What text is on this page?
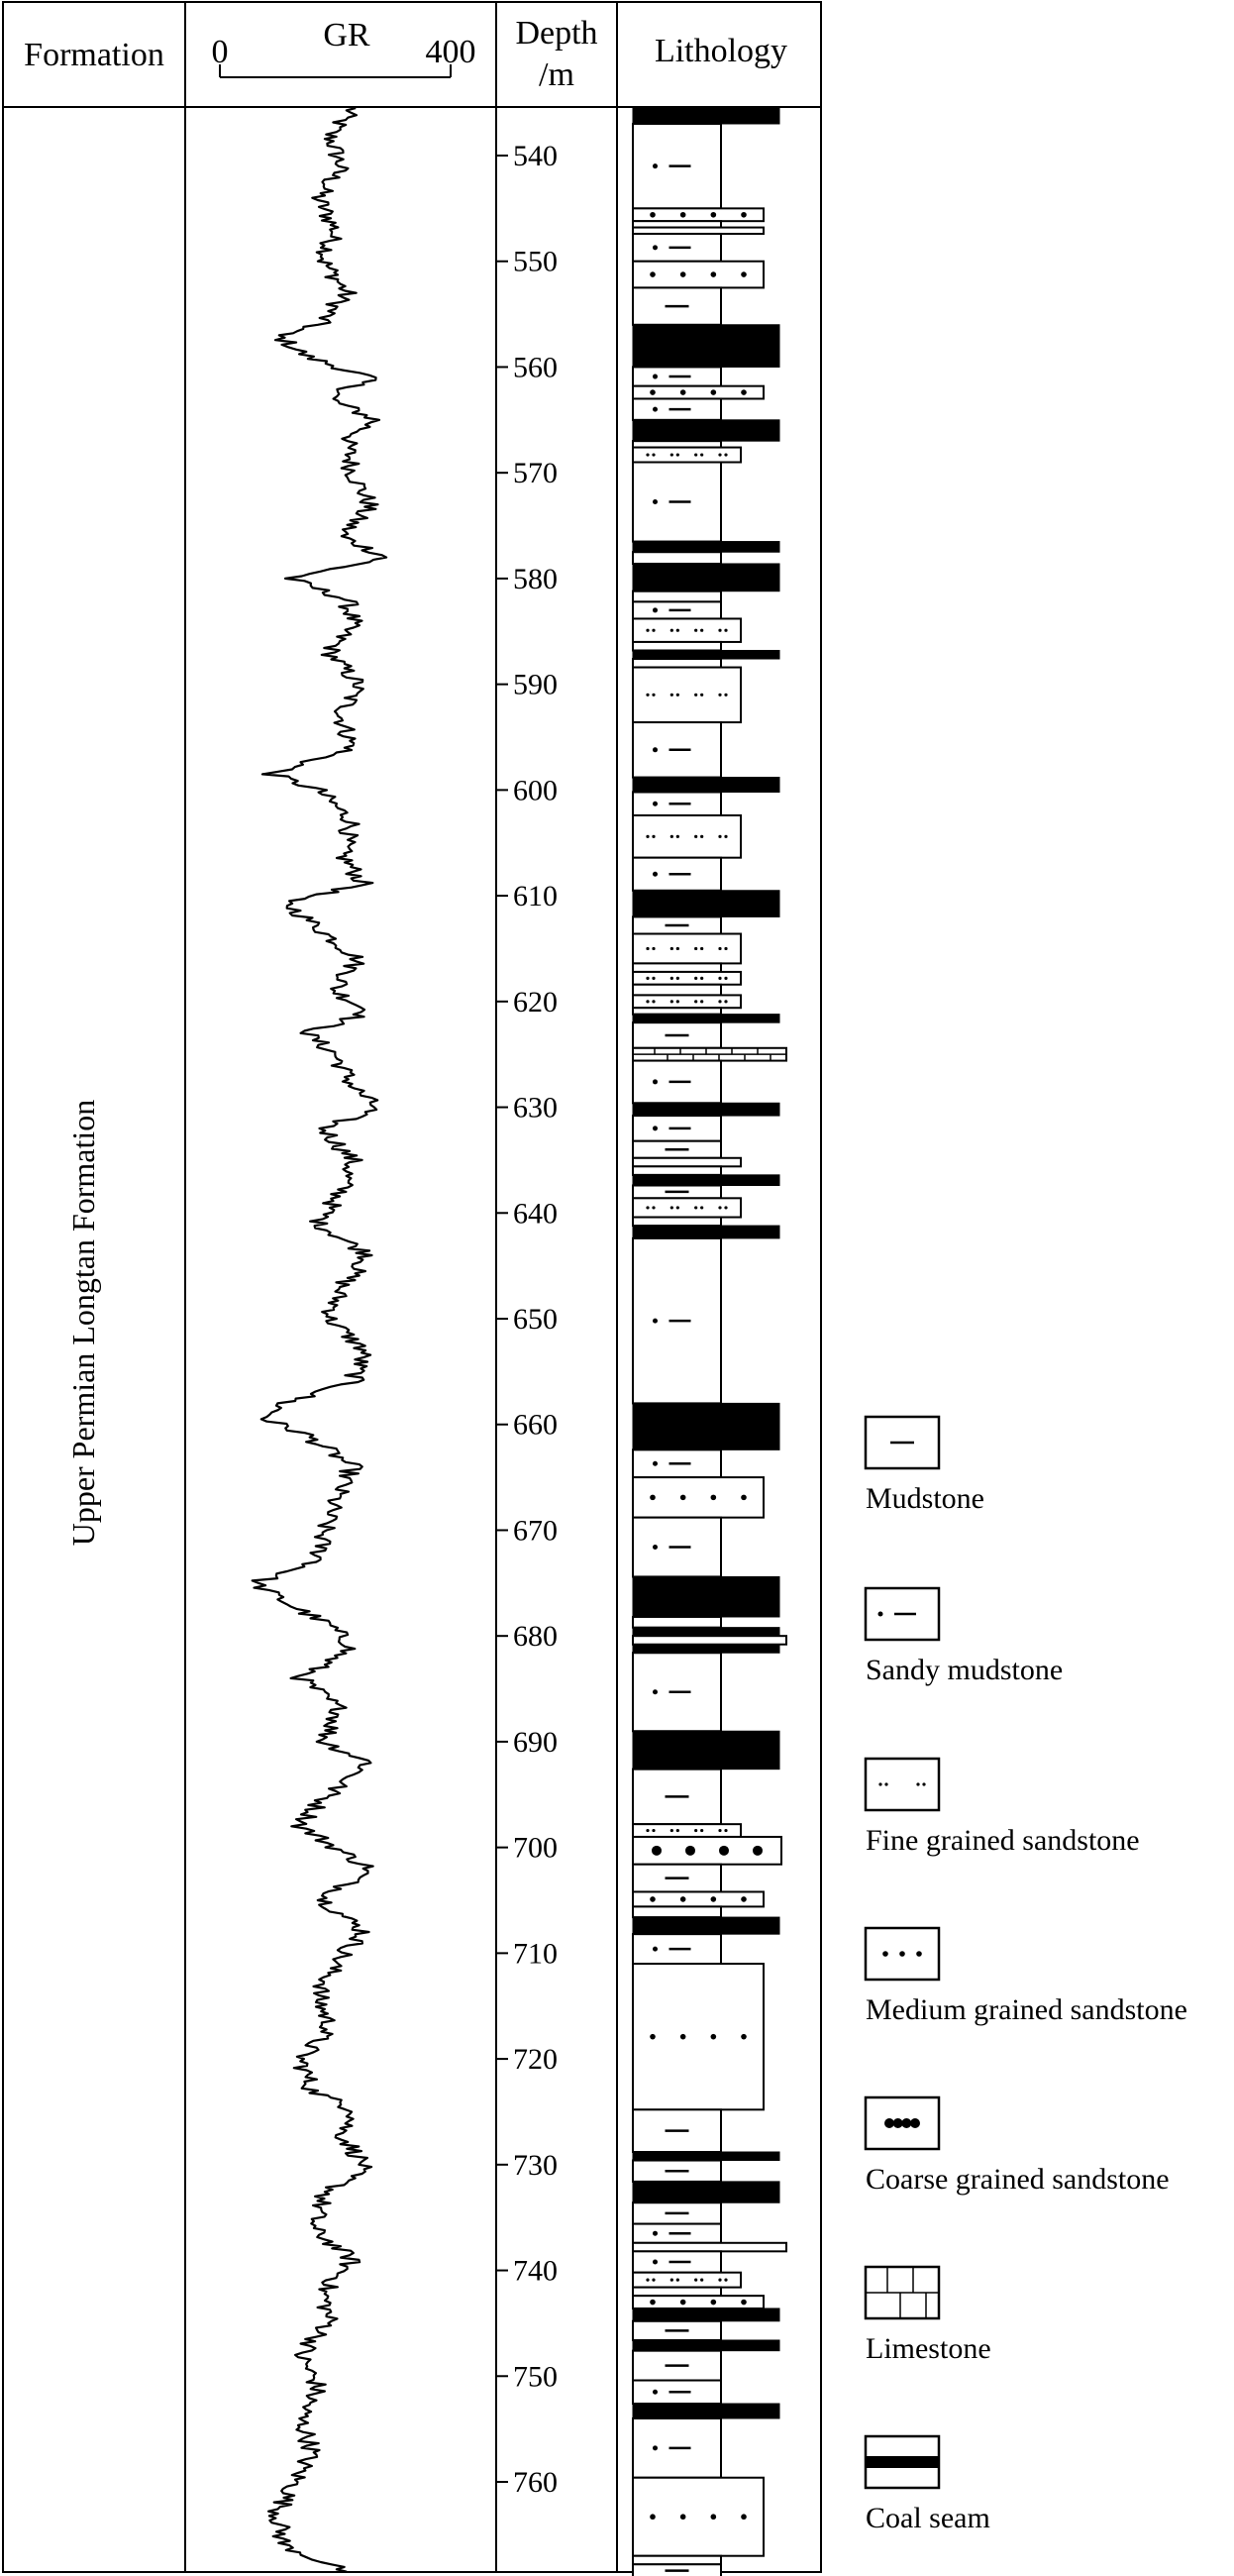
Formation
GR
0	400
Depth
/m
Lithology
Upper Permian Longtan Formation
540
550
560
570
580
590
600
610
620
630
640
650
660
670
680
690
700
710
720
730
740
750
760
Mudstone
Sandy mudstone
Fine grained sandstone
Medium grained sandstone
Coarse grained sandstone
Limestone
Coal seam
